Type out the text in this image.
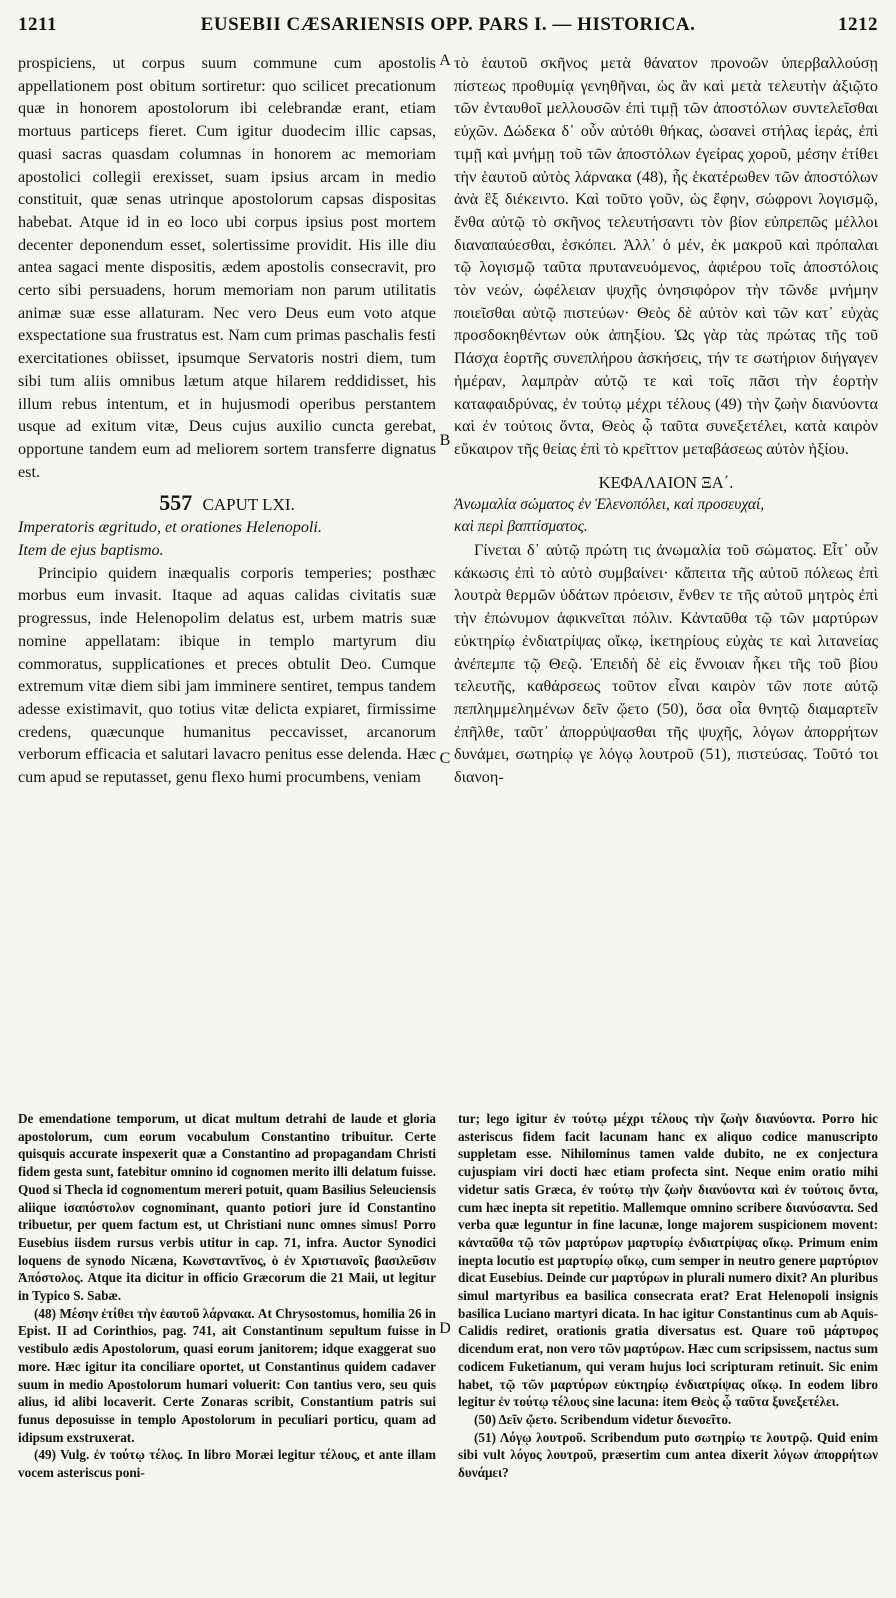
1211	EUSEBII CÆSARIENSIS OPP. PARS I. — HISTORICA.	1212

prospiciens, ut corpus suum commune cum apostolis appellationem post obitum sortiretur: quo scilicet precationum quæ in honorem apostolorum ibi celebrandæ erant, etiam mortuus particeps fieret. Cum igitur duodecim illic capsas, quasi sacras quasdam columnas in honorem ac memoriam apostolici collegii erexisset, suam ipsius arcam in medio constituit, quæ senas utrinque apostolorum capsas dispositas habebat. Atque id in eo loco ubi corpus ipsius post mortem decenter deponendum esset, solertissime providit. His ille diu antea sagaci mente dispositis, ædem apostolis consecravit, pro certo sibi persuadens, horum memoriam non parum utilitatis animæ suæ esse allaturam. Nec vero Deus eum voto atque exspectatione sua frustratus est. Nam cum primas paschalis festi exercitationes obiisset, ipsumque Servatoris nostri diem, tum sibi tum aliis omnibus lætum atque hilarem reddidisset, his illum rebus intentum, et in hujusmodi operibus perstantem usque ad exitum vitæ, Deus cujus auxilio cuncta gerebat, opportune tandem eum ad meliorem sortem transferre dignatus est.

557 CAPUT LXI.

Imperatoris ægritudo, et orationes Helenopoli.

Item de ejus baptismo.

Principio quidem inæqualis corporis temperies; posthæc morbus eum invasit. Itaque ad aquas calidas civitatis suæ progressus, inde Helenopolim delatus est, urbem matris suæ nomine appellatam: ibique in templo martyrum diu commoratus, supplicationes et preces obtulit Deo. Cumque extremum vitæ diem sibi jam imminere sentiret, tempus tandem adesse existimavit, quo totius vitæ delicta expiaret, firmissime credens, quæcunque humanitus peccavisset, arcanorum verborum efficacia et salutari lavacro penitus esse delenda. Hæc cum apud se reputasset, genu flexo humi procumbens, veniam

A
B
C
D

τὸ ἑαυτοῦ σκῆνος μετὰ θάνατον προνοῶν ὑπερβαλλούσῃ πίστεως προθυμίᾳ γενηθῆναι, ὡς ἂν καὶ μετὰ τελευτὴν ἀξιῷτο τῶν ἐνταυθοῖ μελλουσῶν ἐπὶ τιμῇ τῶν ἀποστόλων συντελεῖσθαι εὐχῶν. Δώδεκα δ᾽ οὖν αὐτόθι θήκας, ὡσανεὶ στήλας ἱεράς, ἐπὶ τιμῇ καὶ μνήμῃ τοῦ τῶν ἀποστόλων ἐγείρας χοροῦ, μέσην ἐτίθει τὴν ἑαυτοῦ αὐτὸς λάρνακα (48), ἧς ἑκατέρωθεν τῶν ἀποστόλων ἀνὰ ἓξ διέκειντο. Καὶ τοῦτο γοῦν, ὡς ἔφην, σώφρονι λογισμῷ, ἔνθα αὐτῷ τὸ σκῆνος τελευτήσαντι τὸν βίον εὐπρεπῶς μέλλοι διαναπαύεσθαι, ἐσκόπει. Ἀλλ᾽ ὁ μέν, ἐκ μακροῦ καὶ πρόπαλαι τῷ λογισμῷ ταῦτα πρυτανευόμενος, ἀφιέρου τοῖς ἀποστόλοις τὸν νεών, ὠφέλειαν ψυχῆς ὀνησιφόρον τὴν τῶνδε μνήμην ποιεῖσθαι αὐτῷ πιστεύων· Θεὸς δὲ αὐτὸν καὶ τῶν κατ᾽ εὐχὰς προσδοκηθέντων οὐκ ἀπηξίου. Ὡς γὰρ τὰς πρώτας τῆς τοῦ Πάσχα ἑορτῆς συνεπλήρου ἀσκήσεις, τήν τε σωτήριον διήγαγεν ἡμέραν, λαμπρὰν αὐτῷ τε καὶ τοῖς πᾶσι τὴν ἑορτὴν καταφαιδρύνας, ἐν τούτῳ μέχρι τέλους (49) τὴν ζωὴν διανύοντα καὶ ἐν τούτοις ὄντα, Θεὸς ᾧ ταῦτα συνεξετέλει, κατὰ καιρὸν εὔκαιρον τῆς θείας ἐπὶ τὸ κρεῖττον μεταβάσεως αὐτὸν ἠξίου.

ΚΕΦΑΛΑΙΟΝ ΞΑ΄.

Ἀνωμαλία σώματος ἐν Ἑλενοπόλει, καὶ προσευχαί,

καὶ περὶ βαπτίσματος.

Γίνεται δ᾽ αὐτῷ πρώτη τις ἀνωμαλία τοῦ σώματος. Εἶτ᾽ οὖν κάκωσις ἐπὶ τὸ αὐτὸ συμβαίνει· κἄπειτα τῆς αὐτοῦ πόλεως ἐπὶ λουτρὰ θερμῶν ὑδάτων πρόεισιν, ἔνθεν τε τῆς αὐτοῦ μητρὸς ἐπὶ τὴν ἐπώνυμον ἀφικνεῖται πόλιν. Κἀνταῦθα τῷ τῶν μαρτύρων εὐκτηρίῳ ἐνδιατρίψας οἴκῳ, ἱκετηρίους εὐχὰς τε καὶ λιτανείας ἀνέπεμπε τῷ Θεῷ. Ἐπειδὴ δὲ εἰς ἔννοιαν ἧκει τῆς τοῦ βίου τελευτῆς, καθάρσεως τοῦτον εἶναι καιρὸν τῶν ποτε αὐτῷ πεπλημμελημένων δεῖν ᾤετο (50), ὅσα οἷα θνητῷ διαμαρτεῖν ἐπῆλθε, ταῦτ᾽ ἀπορρύψασθαι τῆς ψυχῆς, λόγων ἀπορρήτων δυνάμει, σωτηρίῳ γε λόγῳ λουτροῦ (51), πιστεύσας. Τοῦτό τοι διανοη-

De emendatione temporum, ut dicat multum detrahi de laude et gloria apostolorum, cum eorum vocabulum Constantino tribuitur. Certe quisquis accurate inspexerit quæ a Constantino ad propagandam Christi fidem gesta sunt, fatebitur omnino id cognomen merito illi delatum fuisse. Quod si Thecla id cognomentum mereri potuit, quam Basilius Seleuciensis aliique ἰσαπόστολον cognominant, quanto potiori jure id Constantino tribuetur, per quem factum est, ut Christiani nunc omnes simus! Porro Eusebius iisdem rursus verbis utitur in cap. 71, infra. Auctor Synodici loquens de synodo Nicæna, Κωνσταντῖνος, ὁ ἐν Χριστιανοῖς βασιλεῦσιν Ἀπόστολος. Atque ita dicitur in officio Græcorum die 21 Maii, ut legitur in Typico S. Sabæ.

(48) Μέσην ἐτίθει τὴν ἑαυτοῦ λάρνακα. At Chrysostomus, homilia 26 in Epist. II ad Corinthios, pag. 741, ait Constantinum sepultum fuisse in vestibulo ædis Apostolorum, quasi eorum janitorem; idque exaggerat suo more. Hæc igitur ita conciliare oportet, ut Constantinus quidem cadaver suum in medio Apostolorum humari voluerit: Con tantius vero, seu quis alius, id alibi locaverit. Certe Zonaras scribit, Constantium patris sui funus deposuisse in templo Apostolorum in peculiari porticu, quam ad idipsum exstruxerat.

(49) Vulg. ἐν τούτῳ τέλος. In libro Moræi legitur τέλους, et ante illam vocem asteriscus poni-

tur; lego igitur ἐν τούτῳ μέχρι τέλους τὴν ζωὴν διανύοντα. Porro hic asteriscus fidem facit lacunam hanc ex aliquo codice manuscripto suppletam esse. Nihilominus tamen valde dubito, ne ex conjectura cujuspiam viri docti hæc etiam profecta sint. Neque enim oratio mihi videtur satis Græca, ἐν τούτῳ τὴν ζωὴν διανύοντα καὶ ἐν τούτοις ὄντα, cum hæc inepta sit repetitio. Mallemque omnino scribere διανύσαντα. Sed verba quæ leguntur in fine lacunæ, longe majorem suspicionem movent: κἀνταῦθα τῷ τῶν μαρτύρων μαρτυρίῳ ἐνδιατρίψας οἴκῳ. Primum enim inepta locutio est μαρτυρίῳ οἴκῳ, cum semper in neutro genere μαρτύριον dicat Eusebius. Deinde cur μαρτύρων in plurali numero dixit? An pluribus simul martyribus ea basilica consecrata erat? Erat Helenopoli insignis basilica Luciano martyri dicata. In hac igitur Constantinus cum ab Aquis-Calidis rediret, orationis gratia diversatus est. Quare τοῦ μάρτυρος dicendum erat, non vero τῶν μαρτύρων. Hæc cum scripsissem, nactus sum codicem Fuketianum, qui veram hujus loci scripturam retinuit. Sic enim habet, τῷ τῶν μαρτύρων εὐκτηρίῳ ἐνδιατρίψας οἴκῳ. In eodem libro legitur ἐν τούτῳ τέλους sine lacuna: item Θεὸς ᾧ ταῦτα ξυνεξετέλει.

(50) Δεῖν ᾤετο. Scribendum videtur διενοεῖτο.

(51) Λόγῳ λουτροῦ. Scribendum puto σωτηρίῳ τε λουτρῷ. Quid enim sibi vult λόγος λουτροῦ, præsertim cum antea dixerit λόγων ἀπορρήτων δυνάμει?
